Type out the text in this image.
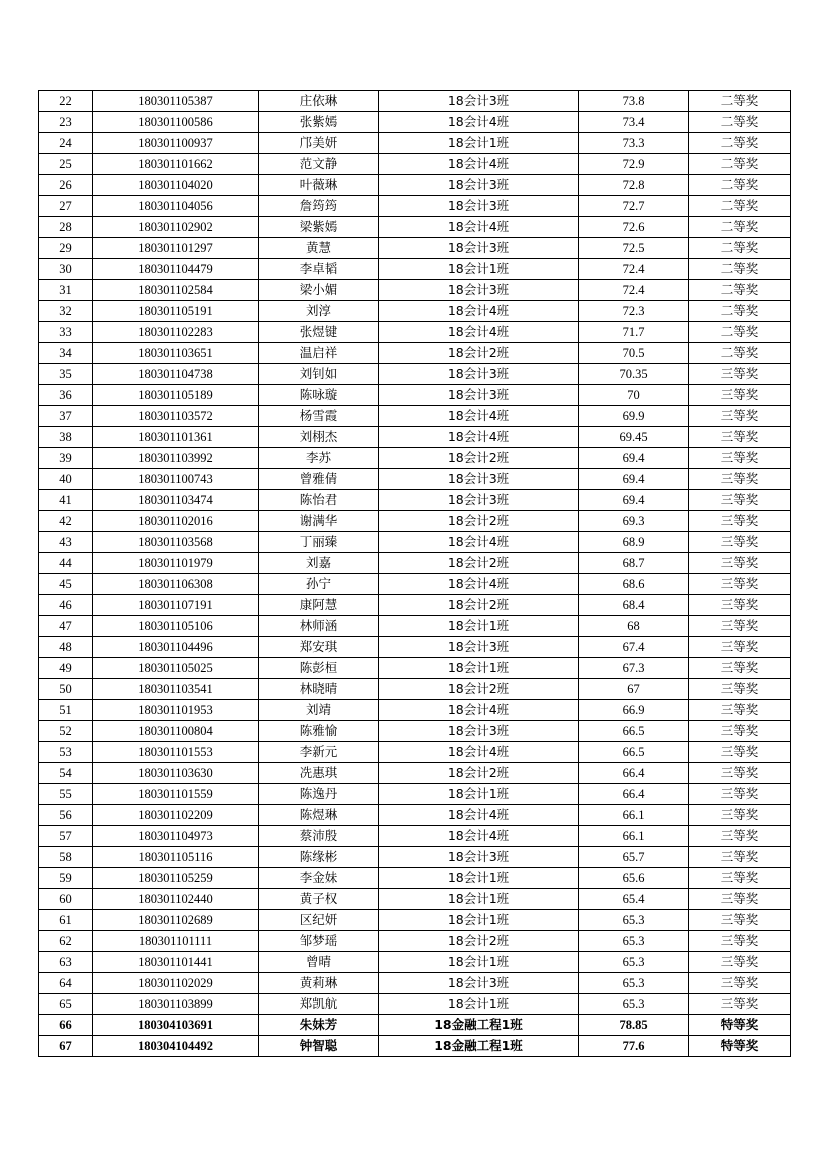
22	180301105387	庄依琳	18会计3班	73.8	二等奖
23	180301100586	张紫嫣	18会计4班	73.4	二等奖
24	180301100937	邝美妍	18会计1班	73.3	二等奖
25	180301101662	范文静	18会计4班	72.9	二等奖
26	180301104020	叶薇琳	18会计3班	72.8	二等奖
27	180301104056	詹筠筠	18会计3班	72.7	二等奖
28	180301102902	梁紫嫣	18会计4班	72.6	二等奖
29	180301101297	黄慧	18会计3班	72.5	二等奖
30	180301104479	李卓韬	18会计1班	72.4	二等奖
31	180301102584	梁小媚	18会计3班	72.4	二等奖
32	180301105191	刘淳	18会计4班	72.3	二等奖
33	180301102283	张煜键	18会计4班	71.7	二等奖
34	180301103651	温启祥	18会计2班	70.5	二等奖
35	180301104738	刘钊如	18会计3班	70.35	三等奖
36	180301105189	陈咏璇	18会计3班	70	三等奖
37	180301103572	杨雪霞	18会计4班	69.9	三等奖
38	180301101361	刘栩杰	18会计4班	69.45	三等奖
39	180301103992	李苏	18会计2班	69.4	三等奖
40	180301100743	曾雅倩	18会计3班	69.4	三等奖
41	180301103474	陈怡君	18会计3班	69.4	三等奖
42	180301102016	谢满华	18会计2班	69.3	三等奖
43	180301103568	丁丽臻	18会计4班	68.9	三等奖
44	180301101979	刘嘉	18会计2班	68.7	三等奖
45	180301106308	孙宁	18会计4班	68.6	三等奖
46	180301107191	康阿慧	18会计2班	68.4	三等奖
47	180301105106	林师涵	18会计1班	68	三等奖
48	180301104496	郑安琪	18会计3班	67.4	三等奖
49	180301105025	陈彭桓	18会计1班	67.3	三等奖
50	180301103541	林晓晴	18会计2班	67	三等奖
51	180301101953	刘靖	18会计4班	66.9	三等奖
52	180301100804	陈雅愉	18会计3班	66.5	三等奖
53	180301101553	李新元	18会计4班	66.5	三等奖
54	180301103630	冼惠琪	18会计2班	66.4	三等奖
55	180301101559	陈逸丹	18会计1班	66.4	三等奖
56	180301102209	陈煜琳	18会计4班	66.1	三等奖
57	180301104973	蔡沛殷	18会计4班	66.1	三等奖
58	180301105116	陈缘彬	18会计3班	65.7	三等奖
59	180301105259	李金妹	18会计1班	65.6	三等奖
60	180301102440	黄子权	18会计1班	65.4	三等奖
61	180301102689	区纪妍	18会计1班	65.3	三等奖
62	180301101111	邹梦瑶	18会计2班	65.3	三等奖
63	180301101441	曾晴	18会计1班	65.3	三等奖
64	180301102029	黄莉琳	18会计3班	65.3	三等奖
65	180301103899	郑凯航	18会计1班	65.3	三等奖
66	180304103691	朱妹芳	18金融工程1班	78.85	特等奖
67	180304104492	钟智聪	18金融工程1班	77.6	特等奖
